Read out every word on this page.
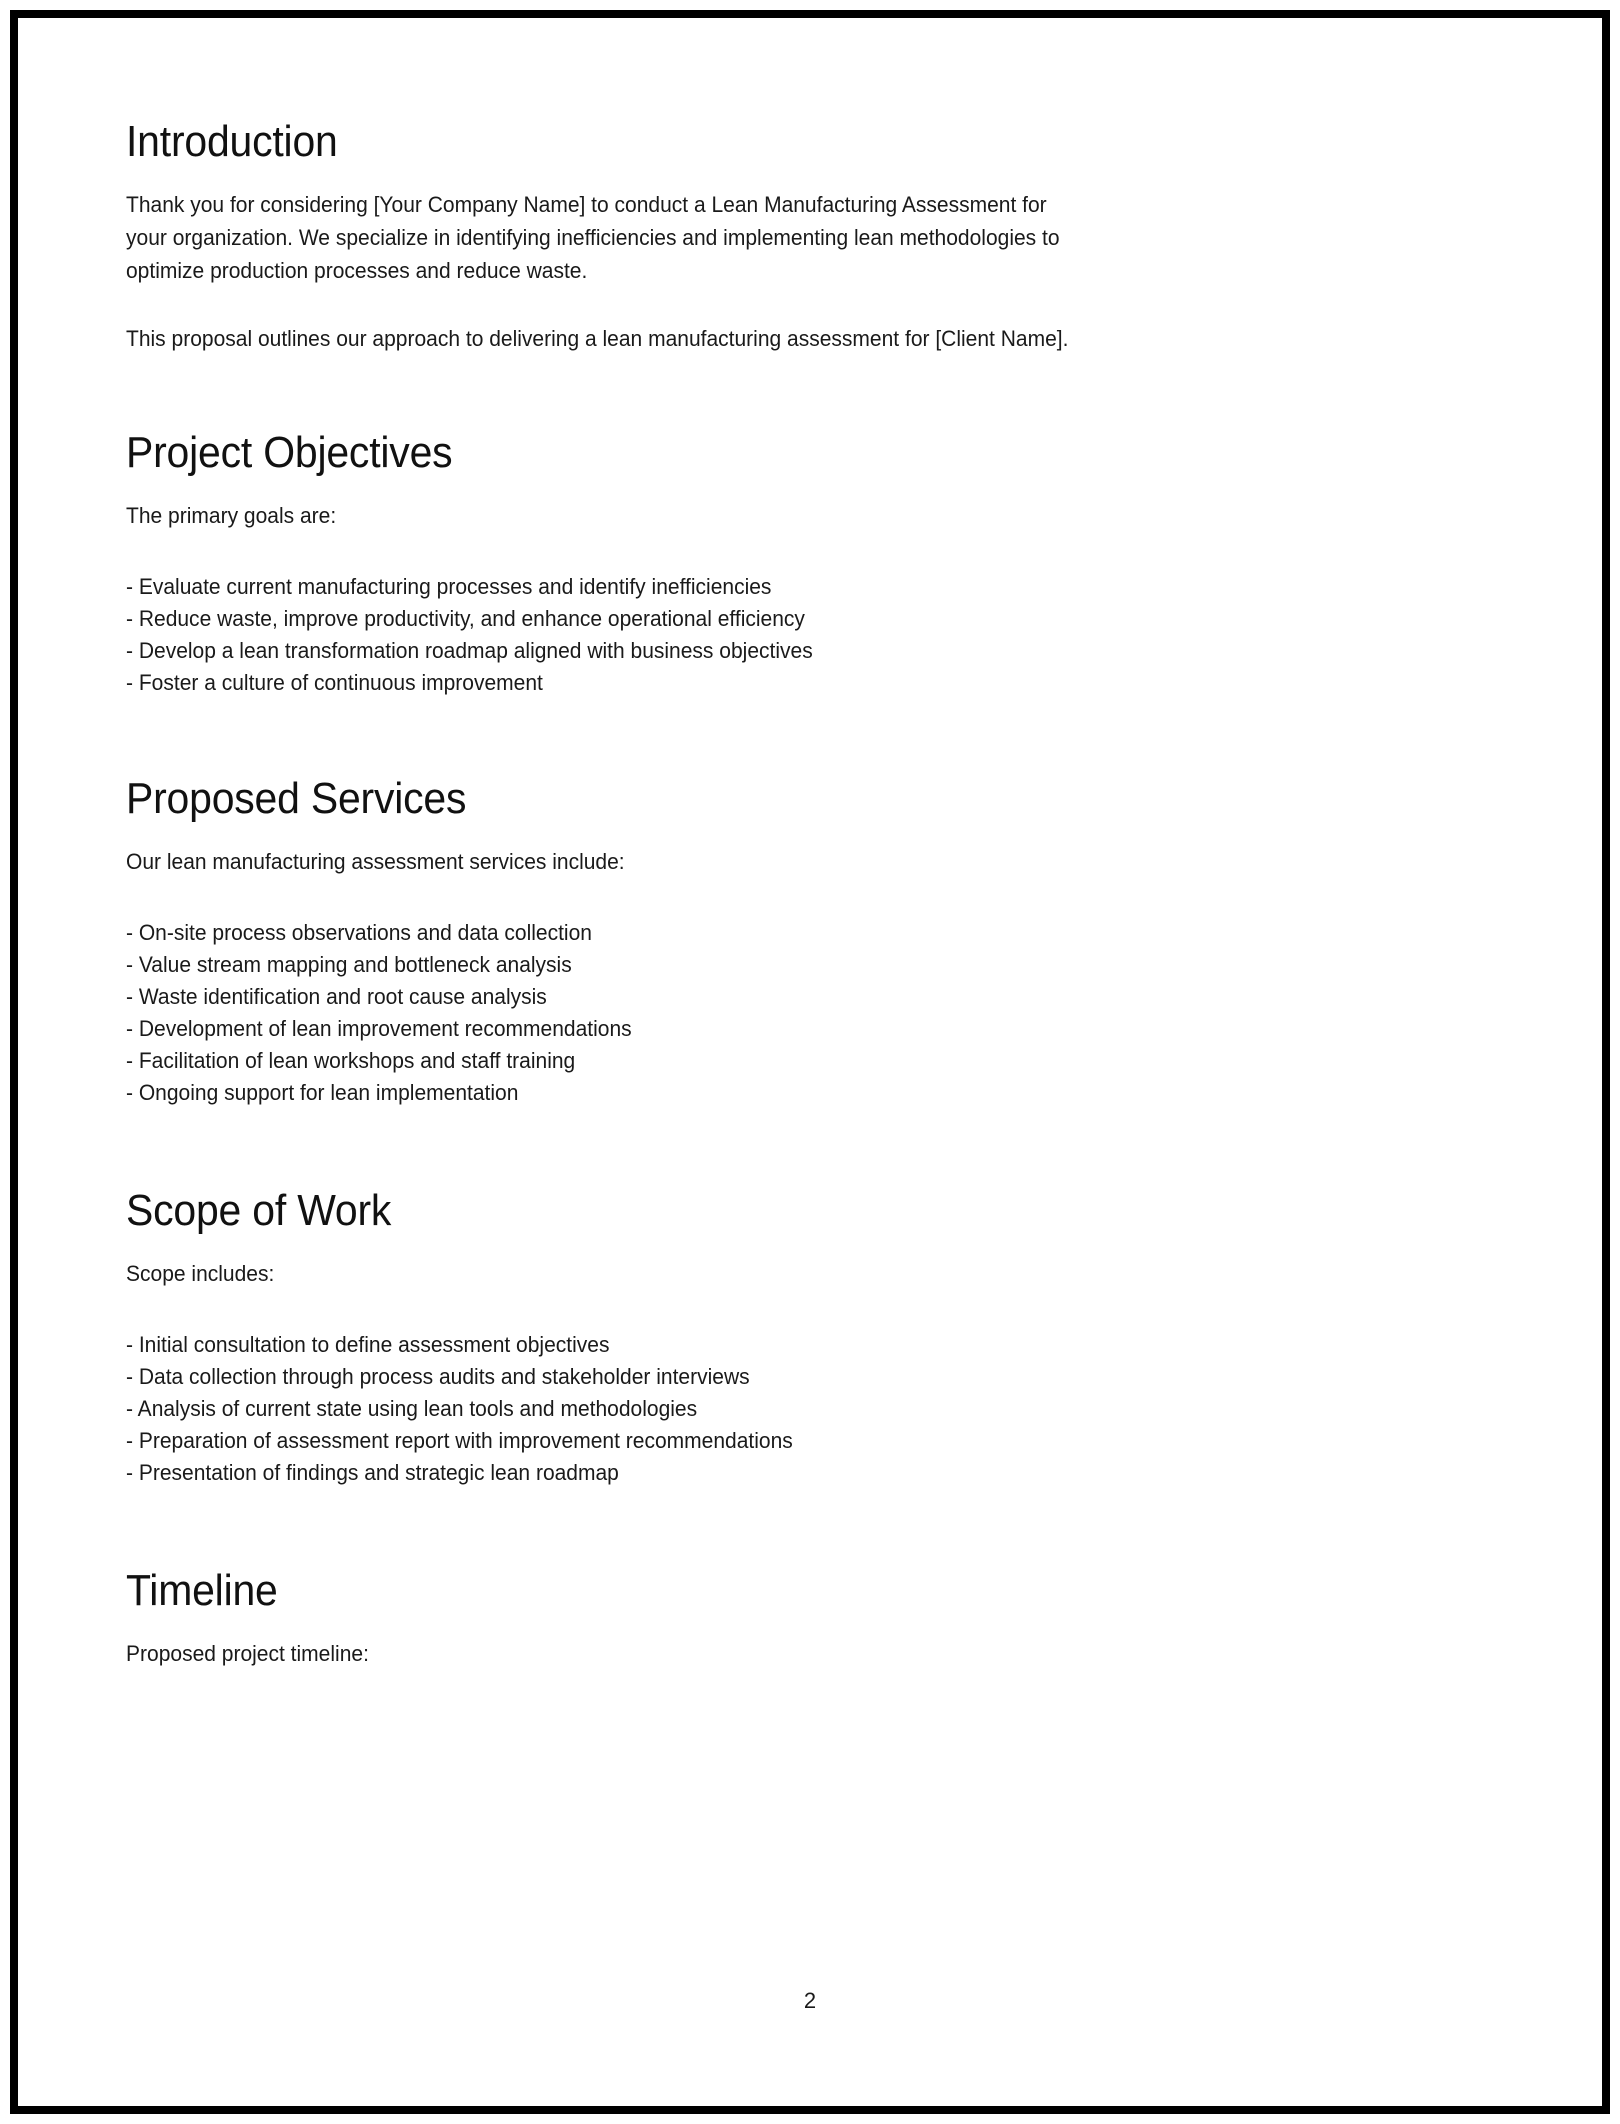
Introduction

Thank you for considering [Your Company Name] to conduct a Lean Manufacturing Assessment for your organization. We specialize in identifying inefficiencies and implementing lean methodologies to optimize production processes and reduce waste.

This proposal outlines our approach to delivering a lean manufacturing assessment for [Client Name].

Project Objectives

The primary goals are:

- Evaluate current manufacturing processes and identify inefficiencies
- Reduce waste, improve productivity, and enhance operational efficiency
- Develop a lean transformation roadmap aligned with business objectives
- Foster a culture of continuous improvement
Proposed Services

Our lean manufacturing assessment services include:

- On-site process observations and data collection
- Value stream mapping and bottleneck analysis
- Waste identification and root cause analysis
- Development of lean improvement recommendations
- Facilitation of lean workshops and staff training
- Ongoing support for lean implementation
Scope of Work

Scope includes:

- Initial consultation to define assessment objectives
- Data collection through process audits and stakeholder interviews
- Analysis of current state using lean tools and methodologies
- Preparation of assessment report with improvement recommendations
- Presentation of findings and strategic lean roadmap
Timeline

Proposed project timeline:

2
